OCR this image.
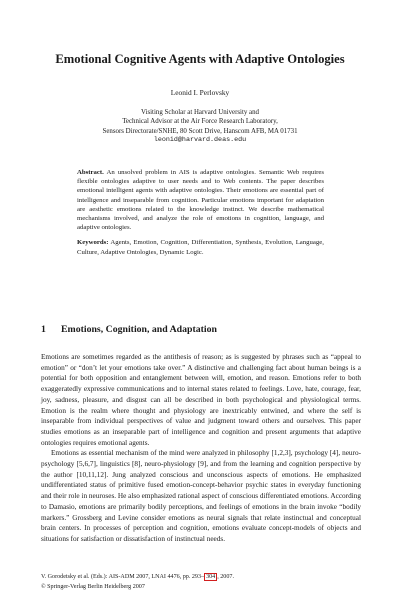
Emotional Cognitive Agents with Adaptive Ontologies
Leonid I. Perlovsky
Visiting Scholar at Harvard University and
Technical Advisor at the Air Force Research Laboratory,
Sensors Directorate/SNHE, 80 Scott Drive, Hanscom AFB, MA 01731
leonid@harvard.deas.edu

Abstract. An unsolved problem in AIS is adaptive ontologies. Semantic Web requires flexible ontologies adaptive to user needs and to Web contents. The paper describes emotional intelligent agents with adaptive ontologies. Their emotions are essential part of intelligence and inseparable from cognition. Particular emotions important for adaptation are aesthetic emotions related to the knowledge instinct. We describe mathematical mechanisms involved, and analyze the role of emotions in cognition, language, and adaptive ontologies.

Keywords: Agents, Emotion, Cognition, Differentiation, Synthesis, Evolution, Language, Culture, Adaptive Ontologies, Dynamic Logic.

1 Emotions, Cognition, and Adaptation

Emotions are sometimes regarded as the antithesis of reason; as is suggested by phrases such as “appeal to emotion” or “don’t let your emotions take over.” A distinctive and challenging fact about human beings is a potential for both opposition and entanglement between will, emotion, and reason. Emotions refer to both exaggeratedly expressive communications and to internal states related to feelings. Love, hate, courage, fear, joy, sadness, pleasure, and disgust can all be described in both psychological and physiological terms. Emotion is the realm where thought and physiology are inextricably entwined, and where the self is inseparable from individual perspectives of value and judgment toward others and ourselves. This paper studies emotions as an inseparable part of intelligence and cognition and present arguments that adaptive ontologies requires emotional agents.

Emotions as essential mechanism of the mind were analyzed in philosophy [1,2,3], psychology [4], neuro-psychology [5,6,7], linguistics [8], neuro-physiology [9], and from the learning and cognition perspective by the author [10,11,12]. Jung analyzed conscious and unconscious aspects of emotions. He emphasized undifferentiated status of primitive fused emotion-concept-behavior psychic states in everyday functioning and their role in neuroses. He also emphasized rational aspect of conscious differentiated emotions. According to Damasio, emotions are primarily bodily perceptions, and feelings of emotions in the brain invoke “bodily markers.” Grossberg and Levine consider emotions as neural signals that relate instinctual and conceptual brain centers. In processes of perception and cognition, emotions evaluate concept-models of objects and situations for satisfaction or dissatisfaction of instinctual needs.

V. Gorodetsky et al. (Eds.): AIS-ADM 2007, LNAI 4476, pp. 293– 304 , 2007.
© Springer-Verlag Berlin Heidelberg 2007
